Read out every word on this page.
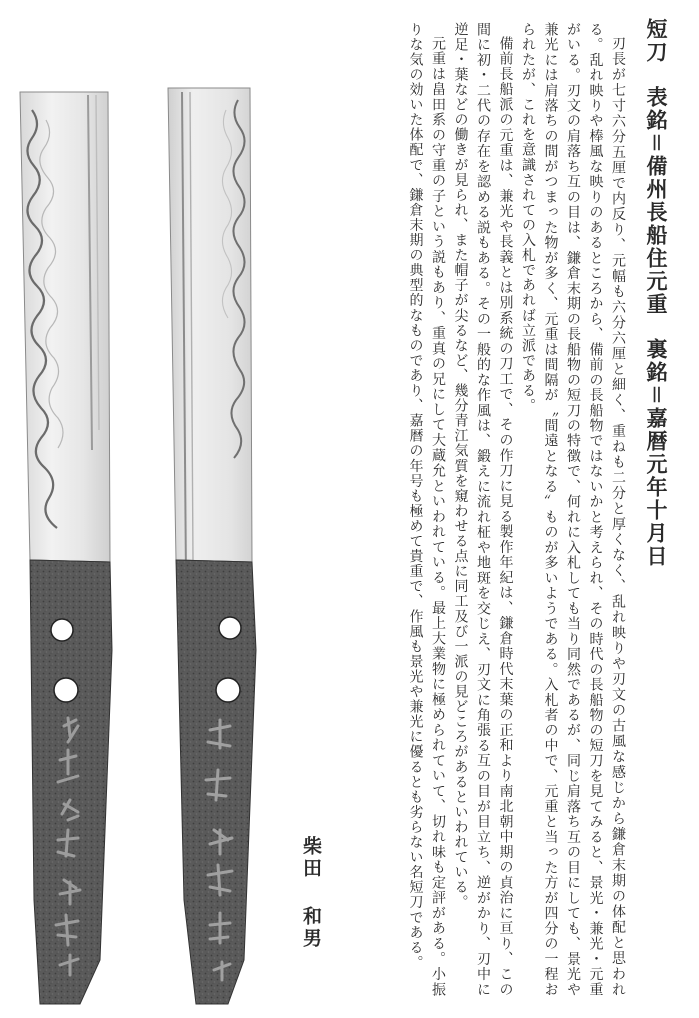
短刀表銘＝備州長船住元重裏銘＝嘉暦元年十月日

刃長が七寸六分五厘で内反り、元幅も六分六厘と細く、重ねも二分と厚くなく、乱れ映りや刃文の古風な感じから鎌倉末期の体配と思われる。乱れ映りや棒風な映りのあるところから、備前の長船物ではないかと考えられ、その時代の長船物の短刀を見てみると、景光・兼光・元重がいる。刃文の肩落ち互の目は、鎌倉末期の長船物の短刀の特徴で、何れに入札しても当り同然であるが、同じ肩落ち互の目にしても、景光や兼光には肩落ちの間がつまった物が多く、元重は間隔が〝間遠となる〟ものが多いようである。入札者の中で、元重と当った方が四分の一程おられたが、これを意識されての入札であれば立派である。

備前長船派の元重は、兼光や長義とは別系統の刀工で、その作刀に見る製作年紀は、鎌倉時代末葉の正和より南北朝中期の貞治に亘り、この間に初・二代の存在を認める説もある。その一般的な作風は、鍛えに流れ柾や地斑を交じえ、刃文に角張る互の目が目立ち、逆がかり、刃中に逆足・葉などの働きが見られ、また帽子が尖るなど、幾分青江気質を窺わせる点に同工及び一派の見どころがあるといわれている。

元重は畠田系の守重の子という説もあり、重真の兄にして大蔵允といわれている。最上大業物に極められていて、切れ味も定評がある。小振りな気の効いた体配で、鎌倉末期の典型的なものであり、嘉暦の年号も極めて貴重で、作風も景光や兼光に優るとも劣らない名短刀である。

柴田和男
